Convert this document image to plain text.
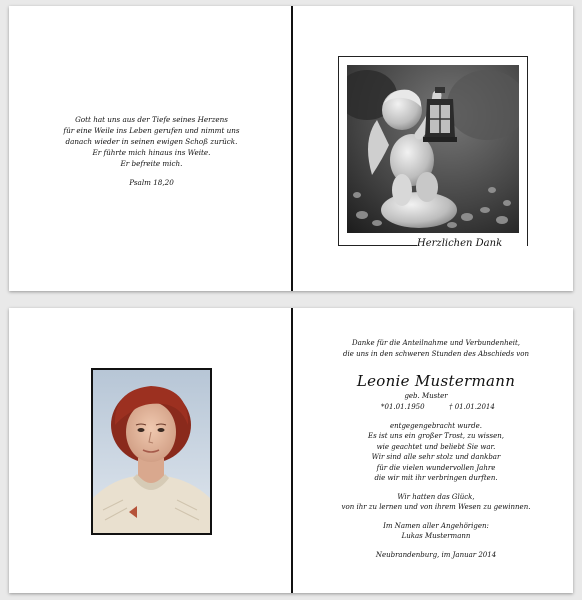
Gott hat uns aus der Tiefe seines Herzens

für eine Weile ins Leben gerufen und nimmt uns

danach wieder in seinen ewigen Schoß zurück.

Er führte mich hinaus ins Weite.

Er befreite mich.

Psalm 18,20

Herzlichen Dank

Danke für die Anteilnahme und Verbundenheit,

die uns in den schweren Stunden des Abschieds von

Leonie Mustermann

geb. Muster

*01.01.1950	† 01.01.2014

entgegengebracht wurde.

Es ist uns ein großer Trost, zu wissen,

wie geachtet und beliebt Sie war.

Wir sind alle sehr stolz und dankbar

für die vielen wundervollen Jahre

die wir mit ihr verbringen durften.

Wir hatten das Glück,

von ihr zu lernen und von ihrem Wesen zu gewinnen.

Im Namen aller Angehörigen:

Lukas Mustermann

Neubrandenburg, im Januar 2014
